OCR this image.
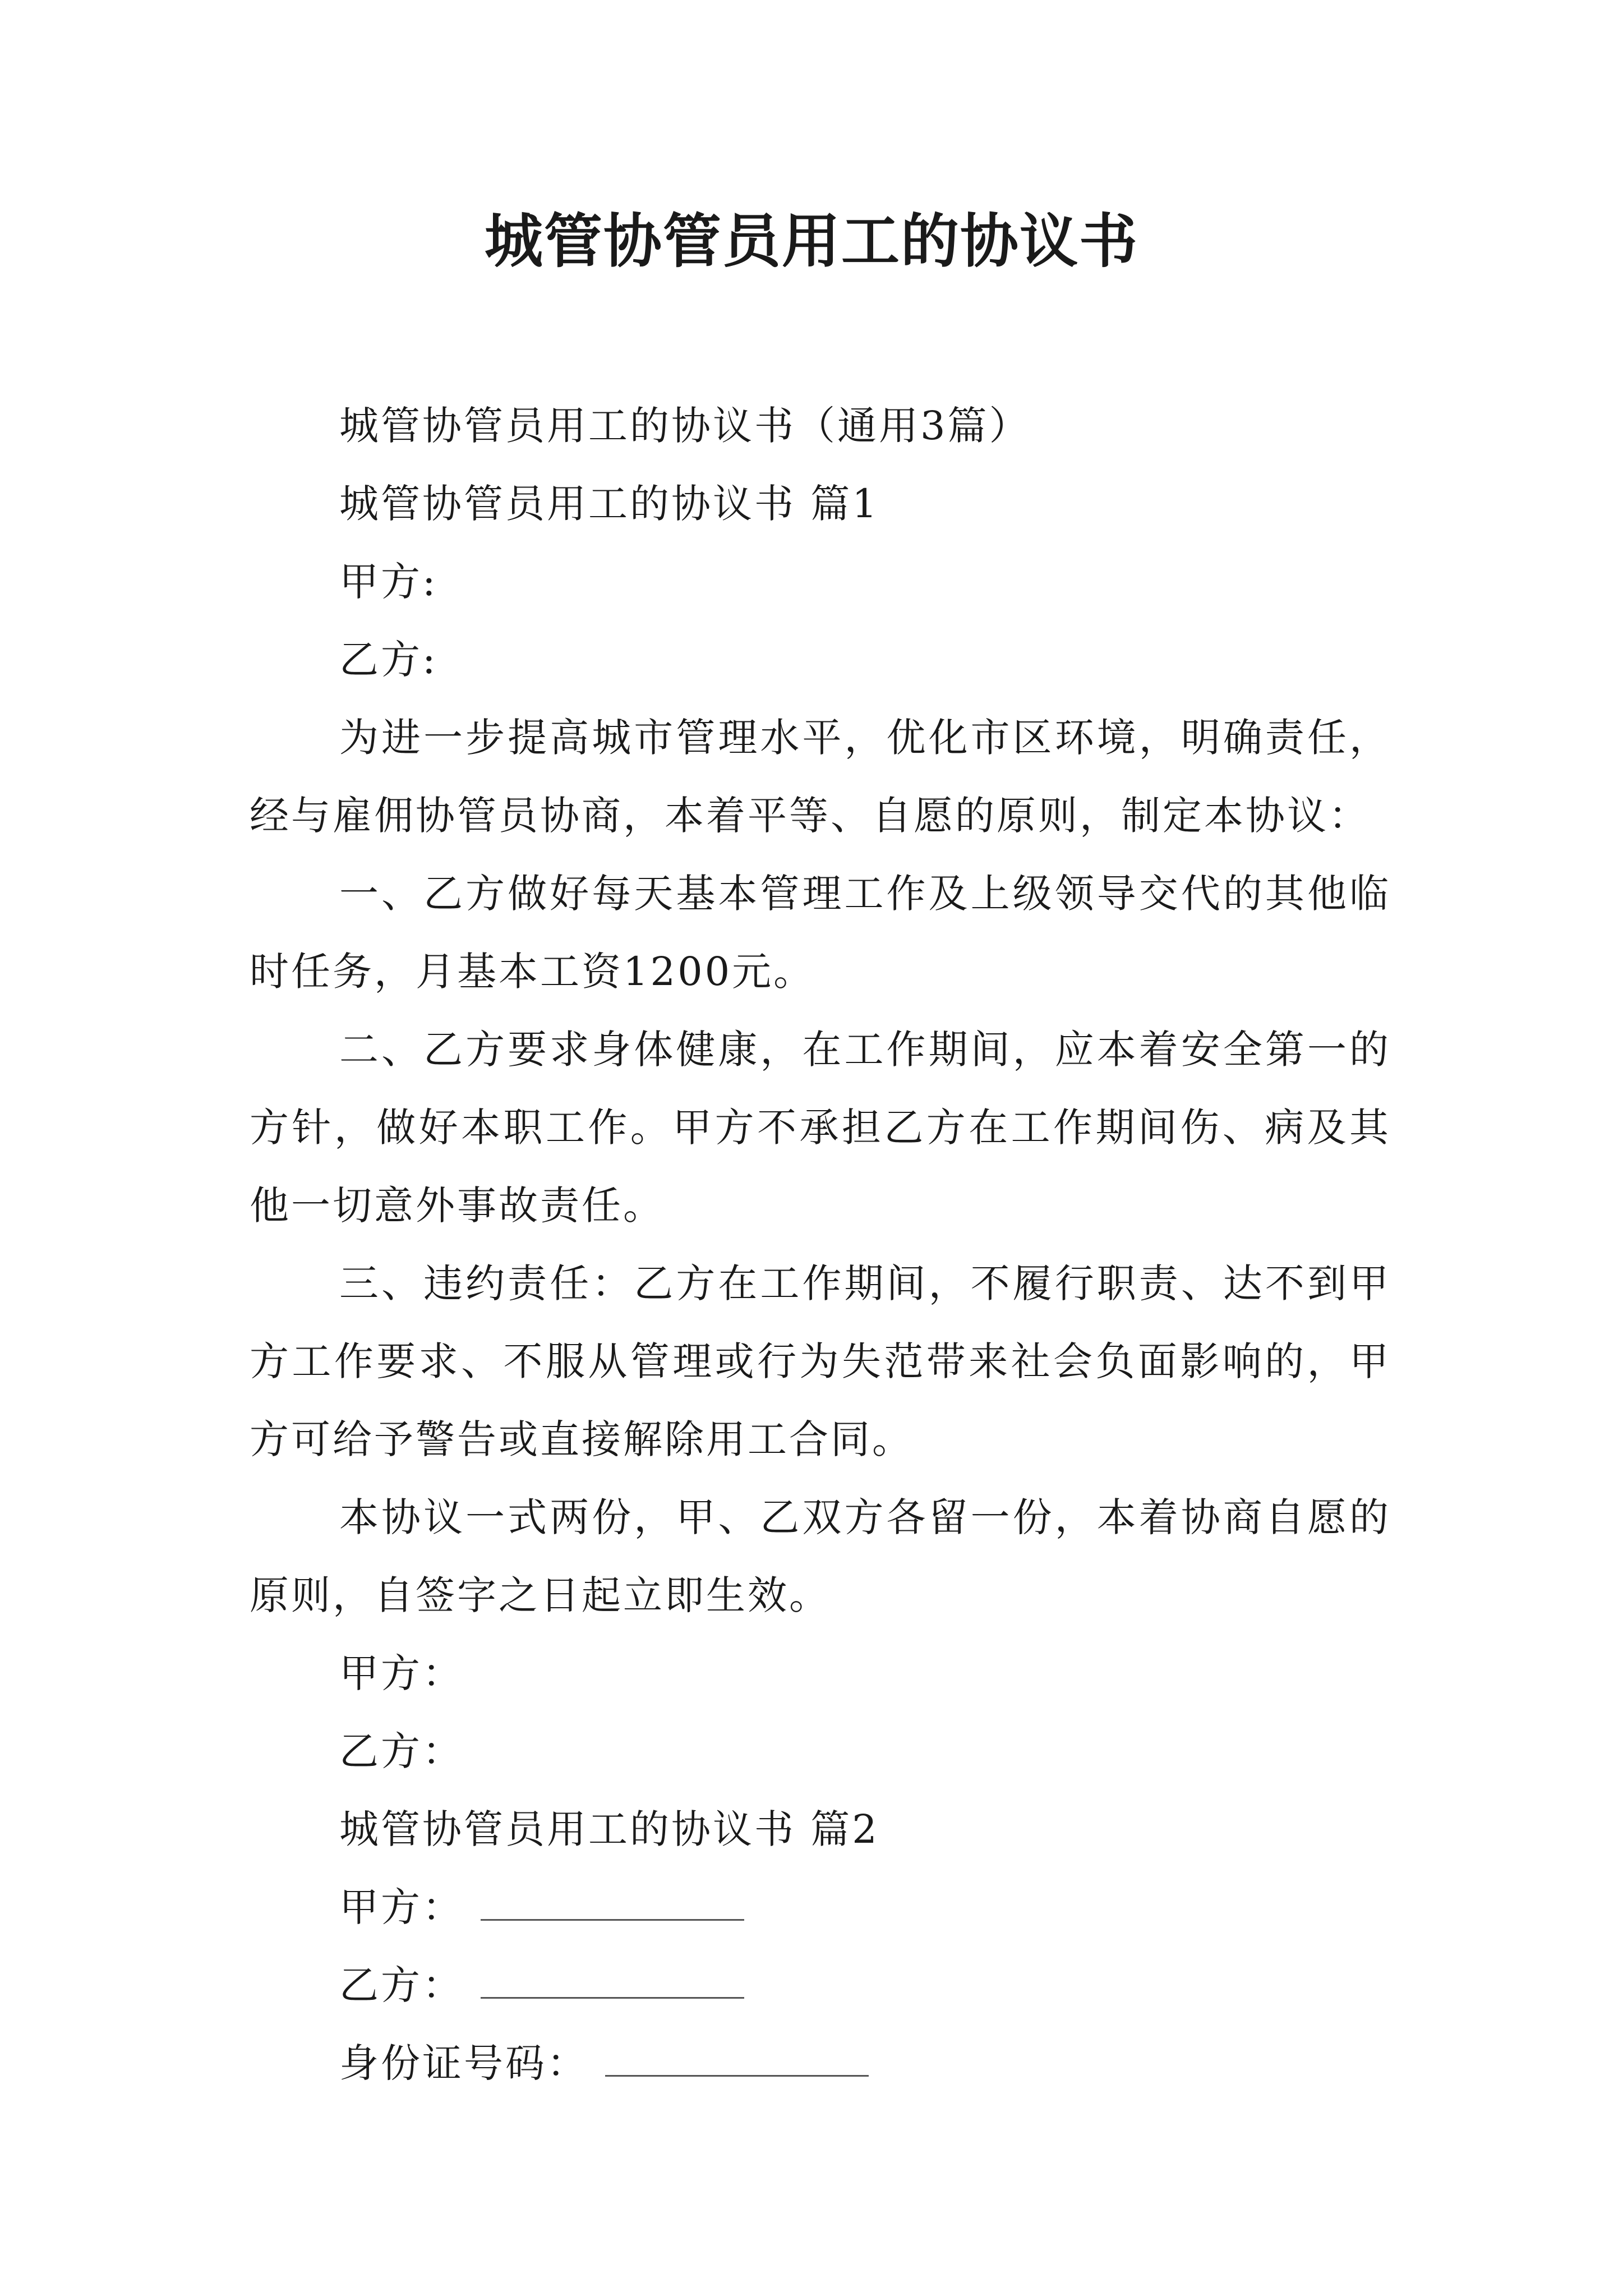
城管协管员用工的协议书

城管协管员用工的协议书（通用3篇）

城管协管员用工的协议书 篇1

甲方:

乙方:

为进一步提高城市管理水平，优化市区环境，明确责任，经与雇佣协管员协商，本着平等、自愿的原则，制定本协议：

一、乙方做好每天基本管理工作及上级领导交代的其他临时任务，月基本工资1200元。

二、乙方要求身体健康，在工作期间，应本着安全第一的方针，做好本职工作。甲方不承担乙方在工作期间伤、病及其他一切意外事故责任。

三、违约责任：乙方在工作期间，不履行职责、达不到甲方工作要求、不服从管理或行为失范带来社会负面影响的，甲方可给予警告或直接解除用工合同。

本协议一式两份，甲、乙双方各留一份，本着协商自愿的原则，自签字之日起立即生效。

甲方：

乙方：

城管协管员用工的协议书 篇2

甲方：

乙方：

身份证号码：
